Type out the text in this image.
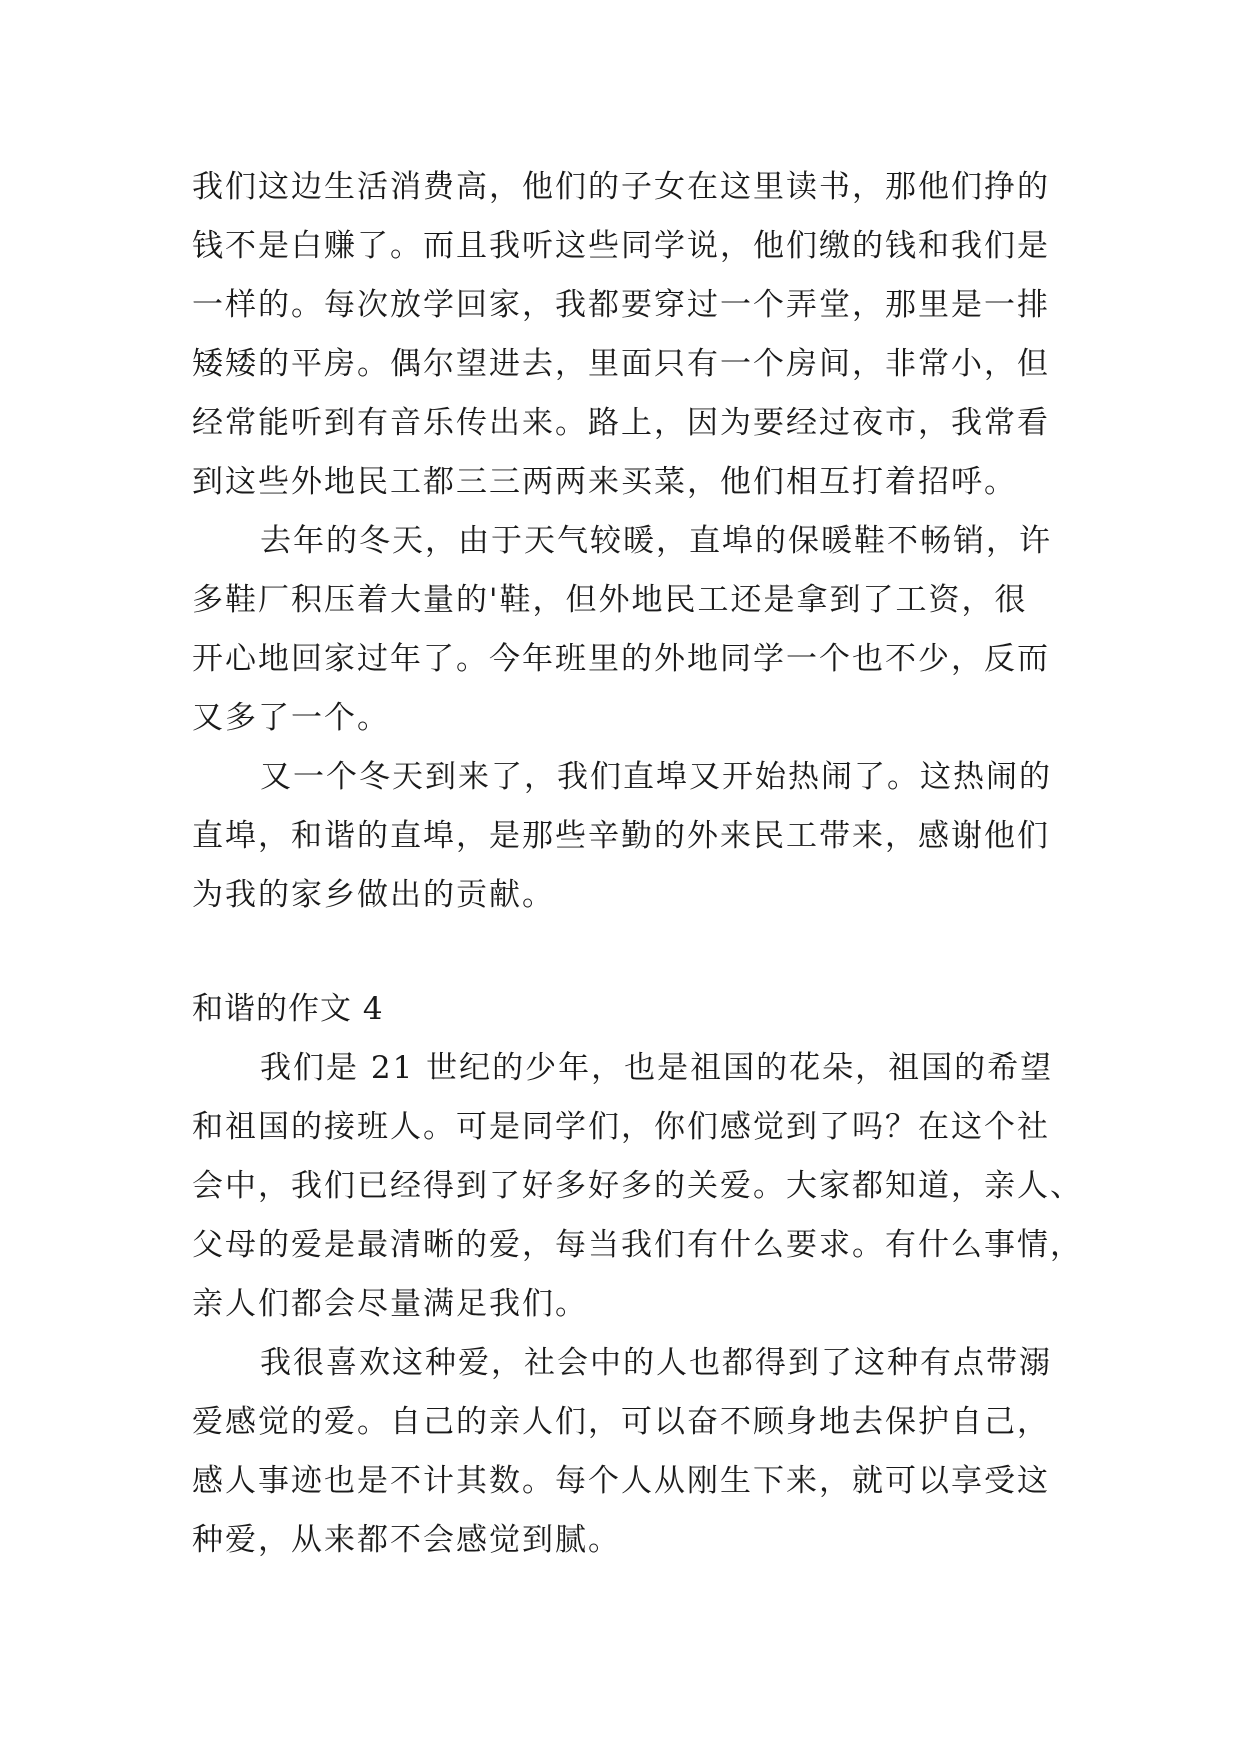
我们这边生活消费高，他们的子女在这里读书，那他们挣的
钱不是白赚了。而且我听这些同学说，他们缴的钱和我们是
一样的。每次放学回家，我都要穿过一个弄堂，那里是一排
矮矮的平房。偶尔望进去，里面只有一个房间，非常小，但
经常能听到有音乐传出来。路上，因为要经过夜市，我常看
到这些外地民工都三三两两来买菜，他们相互打着招呼。
去年的冬天，由于天气较暖，直埠的保暖鞋不畅销，许
多鞋厂积压着大量的'鞋，但外地民工还是拿到了工资，很
开心地回家过年了。今年班里的外地同学一个也不少，反而
又多了一个。
又一个冬天到来了，我们直埠又开始热闹了。这热闹的
直埠，和谐的直埠，是那些辛勤的外来民工带来，感谢他们
为我的家乡做出的贡献。
和谐的作文 4
我们是 21 世纪的少年，也是祖国的花朵，祖国的希望
和祖国的接班人。可是同学们，你们感觉到了吗？在这个社
会中，我们已经得到了好多好多的关爱。大家都知道，亲人、
父母的爱是最清晰的爱，每当我们有什么要求。有什么事情，
亲人们都会尽量满足我们。
我很喜欢这种爱，社会中的人也都得到了这种有点带溺
爱感觉的爱。自己的亲人们，可以奋不顾身地去保护自己，
感人事迹也是不计其数。每个人从刚生下来，就可以享受这
种爱，从来都不会感觉到腻。
